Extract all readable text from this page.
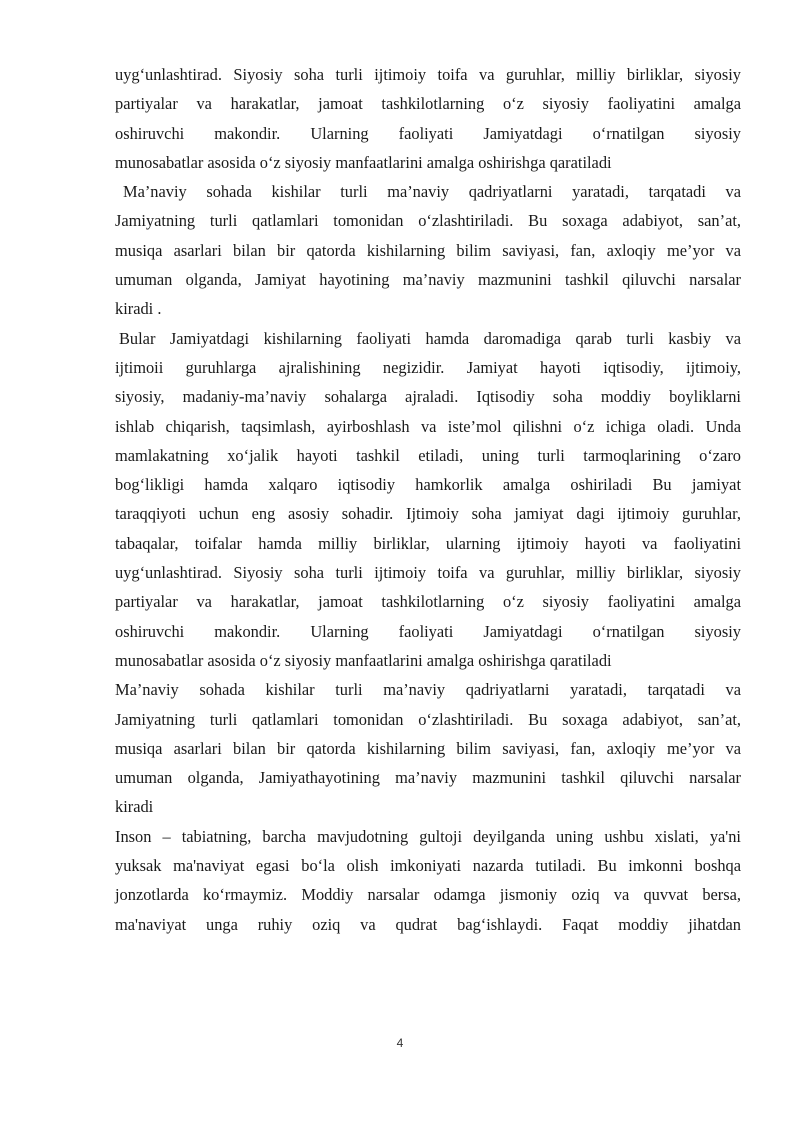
uyg‘unlashtirad. Siyosiy soha turli ijtimoiy toifa va guruhlar, milliy birliklar, siyosiy
partiyalar va harakatlar, jamoat tashkilotlarning o‘z siyosiy faoliyatini amalga
oshiruvchi makondir. Ularning faoliyati Jamiyatdagi o‘rnatilgan siyosiy
munosabatlar asosida o‘z siyosiy manfaatlarini amalga oshirishga qaratiladi
Ma’naviy sohada kishilar turli ma’naviy qadriyatlarni yaratadi, tarqatadi va
Jamiyatning turli qatlamlari tomonidan o‘zlashtiriladi. Bu soxaga adabiyot, san’at,
musiqa asarlari bilan bir qatorda kishilarning bilim saviyasi, fan, axloqiy me’yor va
umuman olganda, Jamiyat hayotining ma’naviy mazmunini tashkil qiluvchi narsalar
kiradi .
Bular Jamiyatdagi kishilarning faoliyati hamda daromadiga qarab turli kasbiy va
ijtimoii guruhlarga ajralishining negizidir. Jamiyat hayoti iqtisodiy, ijtimoiy,
siyosiy, madaniy-ma’naviy sohalarga ajraladi. Iqtisodiy soha moddiy boyliklarni
ishlab chiqarish, taqsimlash, ayirboshlash va iste’mol qilishni o‘z ichiga oladi. Unda
mamlakatning xo‘jalik hayoti tashkil etiladi, uning turli tarmoqlarining o‘zaro
bog‘likligi hamda xalqaro iqtisodiy hamkorlik amalga oshiriladi Bu jamiyat
taraqqiyoti uchun eng asosiy sohadir. Ijtimoiy soha jamiyat dagi ijtimoiy guruhlar,
tabaqalar, toifalar hamda milliy birliklar, ularning ijtimoiy hayoti va faoliyatini
uyg‘unlashtirad. Siyosiy soha turli ijtimoiy toifa va guruhlar, milliy birliklar, siyosiy
partiyalar va harakatlar, jamoat tashkilotlarning o‘z siyosiy faoliyatini amalga
oshiruvchi makondir. Ularning faoliyati Jamiyatdagi o‘rnatilgan siyosiy
munosabatlar asosida o‘z siyosiy manfaatlarini amalga oshirishga qaratiladi
Ma’naviy sohada kishilar turli ma’naviy qadriyatlarni yaratadi, tarqatadi va
Jamiyatning turli qatlamlari tomonidan o‘zlashtiriladi. Bu soxaga adabiyot, san’at,
musiqa asarlari bilan bir qatorda kishilarning bilim saviyasi, fan, axloqiy me’yor va
umuman olganda, Jamiyathayotining ma’naviy mazmunini tashkil qiluvchi narsalar
kiradi
Inson – tabiatning, barcha mavjudotning gultoji deyilganda uning ushbu xislati, ya'ni
yuksak ma'naviyat egasi bo‘la olish imkoniyati nazarda tutiladi. Bu imkonni boshqa
jonzotlarda ko‘rmaymiz. Moddiy narsalar odamga jismoniy oziq va quvvat bersa,
ma'naviyat unga ruhiy oziq va qudrat bag‘ishlaydi. Faqat moddiy jihatdan
4
